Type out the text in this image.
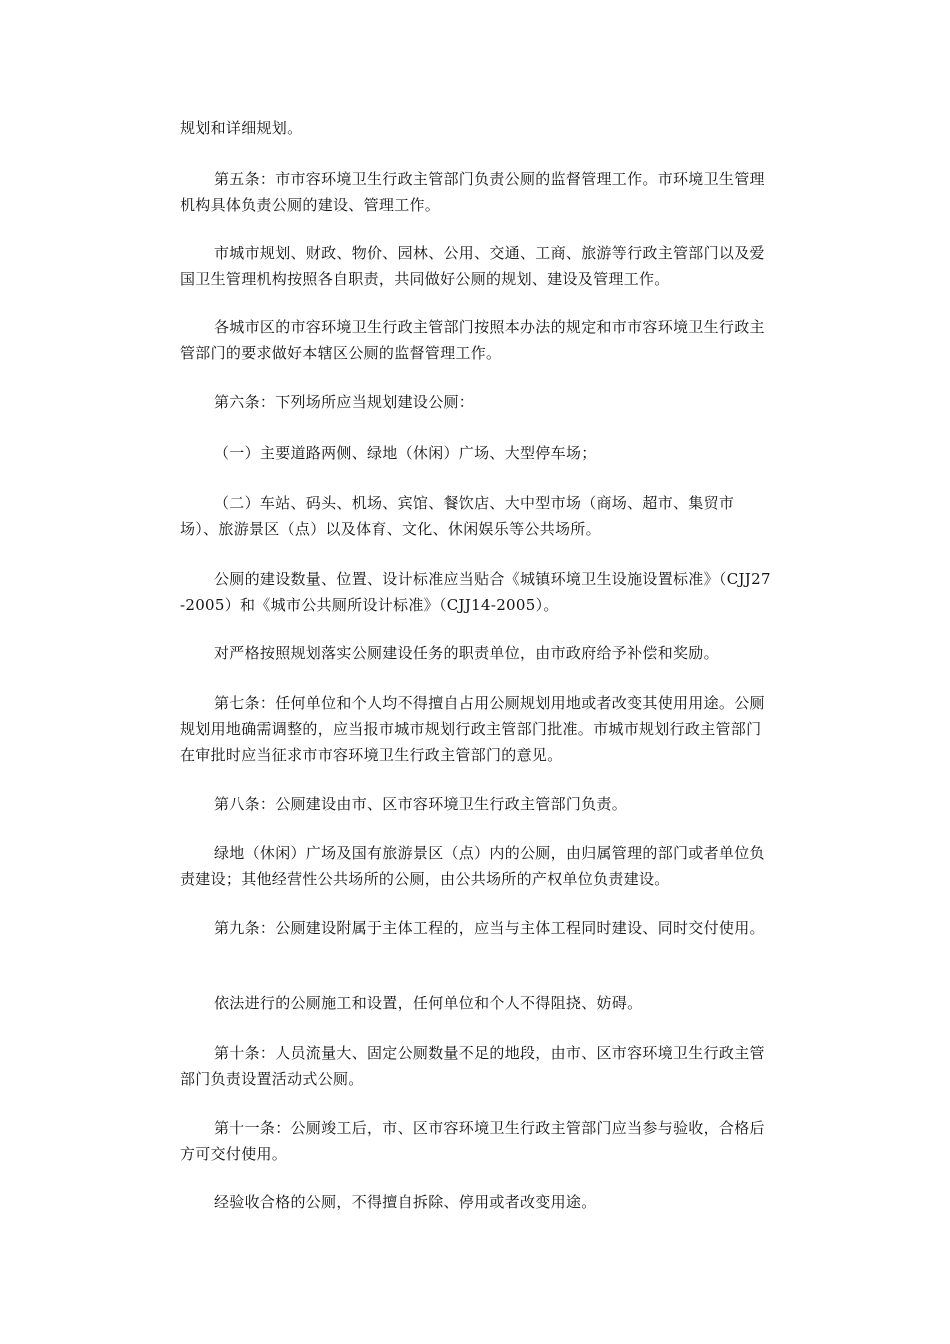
规划和详细规划。

第五条：市市容环境卫生行政主管部门负责公厕的监督管理工作。市环境卫生管理机构具体负责公厕的建设、管理工作。

市城市规划、财政、物价、园林、公用、交通、工商、旅游等行政主管部门以及爱国卫生管理机构按照各自职责，共同做好公厕的规划、建设及管理工作。

各城市区的市容环境卫生行政主管部门按照本办法的规定和市市容环境卫生行政主管部门的要求做好本辖区公厕的监督管理工作。

第六条：下列场所应当规划建设公厕：

（一）主要道路两侧、绿地（休闲）广场、大型停车场；

（二）车站、码头、机场、宾馆、餐饮店、大中型市场（商场、超市、集贸市场）、旅游景区（点）以及体育、文化、休闲娱乐等公共场所。

公厕的建设数量、位置、设计标准应当贴合《城镇环境卫生设施设置标准》（CJJ27-2005）和《城市公共厕所设计标准》（CJJ14-2005）。

对严格按照规划落实公厕建设任务的职责单位，由市政府给予补偿和奖励。

第七条：任何单位和个人均不得擅自占用公厕规划用地或者改变其使用用途。公厕规划用地确需调整的，应当报市城市规划行政主管部门批准。市城市规划行政主管部门在审批时应当征求市市容环境卫生行政主管部门的意见。

第八条：公厕建设由市、区市容环境卫生行政主管部门负责。

绿地（休闲）广场及国有旅游景区（点）内的公厕，由归属管理的部门或者单位负责建设；其他经营性公共场所的公厕，由公共场所的产权单位负责建设。

第九条：公厕建设附属于主体工程的，应当与主体工程同时建设、同时交付使用。

依法进行的公厕施工和设置，任何单位和个人不得阻挠、妨碍。

第十条：人员流量大、固定公厕数量不足的地段，由市、区市容环境卫生行政主管部门负责设置活动式公厕。

第十一条：公厕竣工后，市、区市容环境卫生行政主管部门应当参与验收，合格后方可交付使用。

经验收合格的公厕，不得擅自拆除、停用或者改变用途。
